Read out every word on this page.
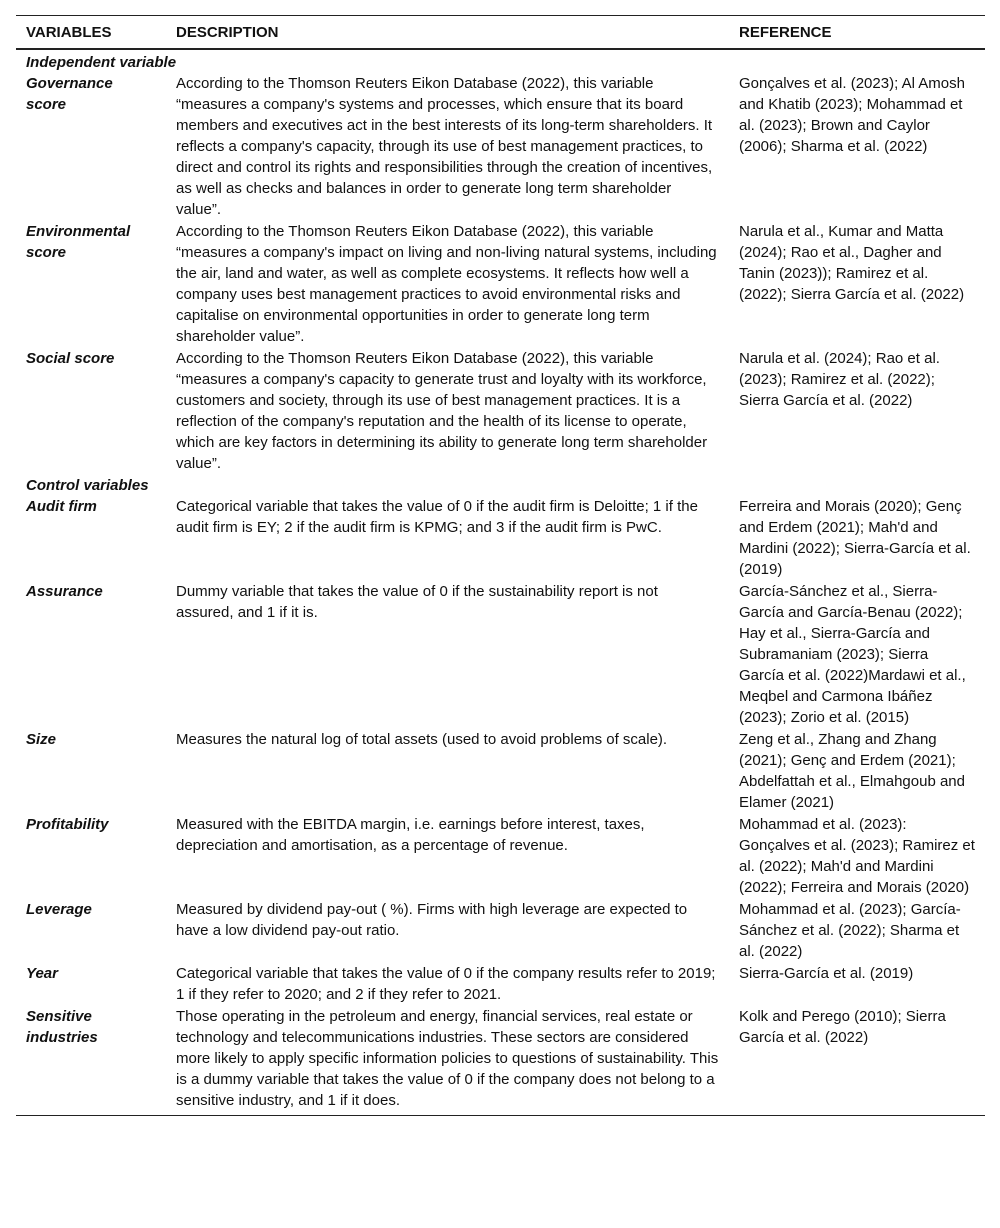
VARIABLES	DESCRIPTION	REFERENCE
Independent variable		
Governance score	According to the Thomson Reuters Eikon Database (2022), this variable “measures a company's systems and processes, which ensure that its board members and executives act in the best interests of its long-term shareholders. It reflects a company's capacity, through its use of best management practices, to direct and control its rights and responsibilities through the creation of incentives, as well as checks and balances in order to generate long term shareholder value”.	Gonçalves et al. (2023); Al Amosh and Khatib (2023); Mohammad et al. (2023); Brown and Caylor (2006); Sharma et al. (2022)
Environmental score	According to the Thomson Reuters Eikon Database (2022), this variable “measures a company's impact on living and non-living natural systems, including the air, land and water, as well as complete ecosystems. It reflects how well a company uses best management practices to avoid environmental risks and capitalise on environmental opportunities in order to generate long term shareholder value”.	Narula et al., Kumar and Matta (2024); Rao et al., Dagher and Tanin (2023)); Ramirez et al. (2022); Sierra García et al. (2022)
Social score	According to the Thomson Reuters Eikon Database (2022), this variable “measures a company's capacity to generate trust and loyalty with its workforce, customers and society, through its use of best management practices. It is a reflection of the company's reputation and the health of its license to operate, which are key factors in determining its ability to generate long term shareholder value”.	Narula et al. (2024); Rao et al. (2023); Ramirez et al. (2022); Sierra García et al. (2022)
Control variables		
Audit firm	Categorical variable that takes the value of 0 if the audit firm is Deloitte; 1 if the audit firm is EY; 2 if the audit firm is KPMG; and 3 if the audit firm is PwC.	Ferreira and Morais (2020); Genç and Erdem (2021); Mah'd and Mardini (2022); Sierra-García et al. (2019)
Assurance	Dummy variable that takes the value of 0 if the sustainability report is not assured, and 1 if it is.	García-Sánchez et al., Sierra-García and García-Benau (2022); Hay et al., Sierra-García and Subramaniam (2023); Sierra García et al. (2022)Mardawi et al., Meqbel and Carmona Ibáñez (2023); Zorio et al. (2015)
Size	Measures the natural log of total assets (used to avoid problems of scale).	Zeng et al., Zhang and Zhang (2021); Genç and Erdem (2021); Abdelfattah et al., Elmahgoub and Elamer (2021)
Profitability	Measured with the EBITDA margin, i.e. earnings before interest, taxes, depreciation and amortisation, as a percentage of revenue.	Mohammad et al. (2023): Gonçalves et al. (2023); Ramirez et al. (2022); Mah'd and Mardini (2022); Ferreira and Morais (2020)
Leverage	Measured by dividend pay-out ( %). Firms with high leverage are expected to have a low dividend pay-out ratio.	Mohammad et al. (2023); García-Sánchez et al. (2022); Sharma et al. (2022)
Year	Categorical variable that takes the value of 0 if the company results refer to 2019; 1 if they refer to 2020; and 2 if they refer to 2021.	Sierra-García et al. (2019)
Sensitive industries	Those operating in the petroleum and energy, financial services, real estate or technology and telecommunications industries. These sectors are considered more likely to apply specific information policies to questions of sustainability. This is a dummy variable that takes the value of 0 if the company does not belong to a sensitive industry, and 1 if it does.	Kolk and Perego (2010); Sierra García et al. (2022)
